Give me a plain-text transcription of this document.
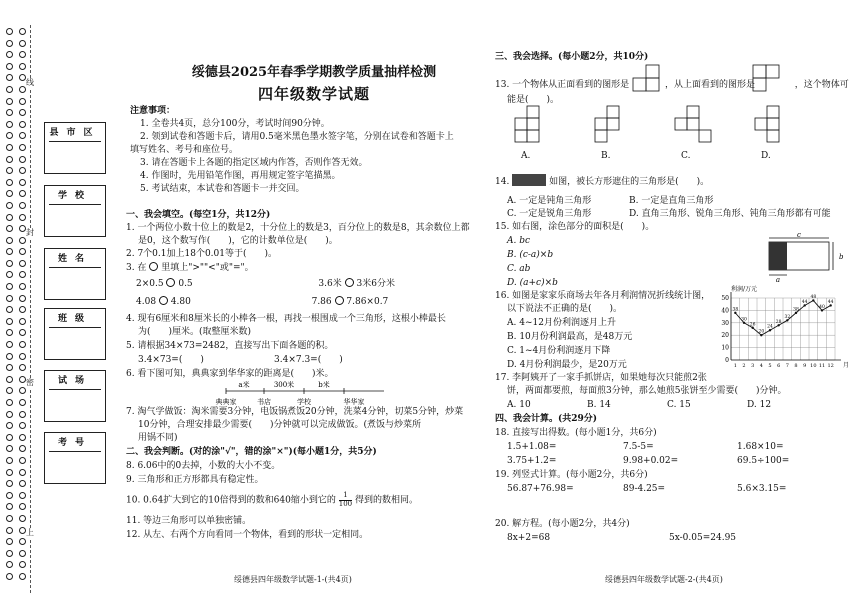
线
封
密
上
县市区
学校
姓名
班级
试场
考号
绥德县2025年春季学期教学质量抽样检测
四年级数学试题
注意事项：
1. 全卷共4页，总分100分，考试时间90分钟。
2. 领到试卷和答题卡后，请用0.5毫米黑色墨水签字笔，分别在试卷和答题卡上
填写姓名、考号和座位号。
3. 请在答题卡上各题的指定区域内作答，否则作答无效。
4. 作图时，先用铅笔作图，再用规定签字笔描黑。
5. 考试结束，本试卷和答题卡一并交回。
一、我会填空。(每空1分，共12分)
1. 一个两位小数十位上的数是2，十分位上的数是3，百分位上的数是8，其余数位上都
是0，这个数写作(　　)，它的计数单位是(　　)。
2. 7个0.1加上18个0.01等于(　　)。
3. 在 里填上">""<"或"="。
2×0.5 0.5	3.6米 3米6分米
4.08 4.80	7.86 7.86×0.7
4. 现有6厘米和8厘米长的小棒各一根，再找一根围成一个三角形，这根小棒最长
为(　　)厘米。(取整厘米数)
5. 请根据34×73=2482，直接写出下面各题的积。
3.4×73=(　　)	3.4×7.3=(　　)
6. 看下图可知，典典家到华华家的距离是(　　)米。
a米	300米	b米
典典家	书店	学校	华华家
7. 淘气学做饭：淘米需要3分钟，电饭锅煮饭20分钟，洗菜4分钟，切菜5分钟，炒菜
10分钟，合理安排最少需要(　　)分钟就可以完成做饭。(煮饭与炒菜所
用锅不同)
二、我会判断。(对的涂"√"，错的涂"×")(每小题1分，共5分)
8. 6.06中的0去掉，小数的大小不变。
9. 三角形和正方形都具有稳定性。
10. 0.64扩大到它的10倍得到的数和640缩小到它的 $\frac{1}{100}$ 得到的数相同。
11. 等边三角形可以单独密铺。
12. 从左、右两个方向看同一个物体，看到的形状一定相同。
绥德县四年级数学试题-1-(共4页)
三、我会选择。(每小题2分，共10分)
13. 一个物体从正面看到的图形是	，从上面看到的图形是	，这个物体可
能是(　　)。
A.	B.	C.	D.
14.	如图，被长方形遮住的三角形是(　　)。
A. 一定是钝角三角形	B. 一定是直角三角形
C. 一定是锐角三角形	D. 直角三角形、锐角三角形、钝角三角形都有可能
15. 如右图，涂色部分的面积是(　　)。
A. bc
B. (c-a)×b
C. ab
D. (a+c)×b
c
a
b
16. 如图是家家乐商场去年各月利润情况折线统计图，
以下说法不正确的是(　　)。
A. 4~12月份利润逐月上升
B. 10月份利润最高，是48万元
C. 1~4月份利润逐月下降
D. 4月份利润最少，是20万元	0
10
20
30
40
50
利润/万元
1 2 3 4 5 6 7 8 9 10 11 12 月
38
30
26
20
24
28
32
38
44
48
40
44
17. 李阿姨开了一家手抓饼店，如果她每次只能煎2张
饼，两面都要煎，每面煎3分钟，那么她煎5张饼至少需要(　　)分钟。
A. 10	B. 14	C. 15	D. 12
四、我会计算。(共29分)
18. 直接写出得数。(每小题1分，共6分)
1.5+1.08=	7.5-5=	1.68×10=
3.75+1.2=	9.98+0.02=	69.5÷100=
19. 列竖式计算。(每小题2分，共6分)
56.87+76.98=	89-4.25=	5.6×3.15=
20. 解方程。(每小题2分，共4分)
8x+2=68	5x-0.05=24.95
绥德县四年级数学试题-2-(共4页)
